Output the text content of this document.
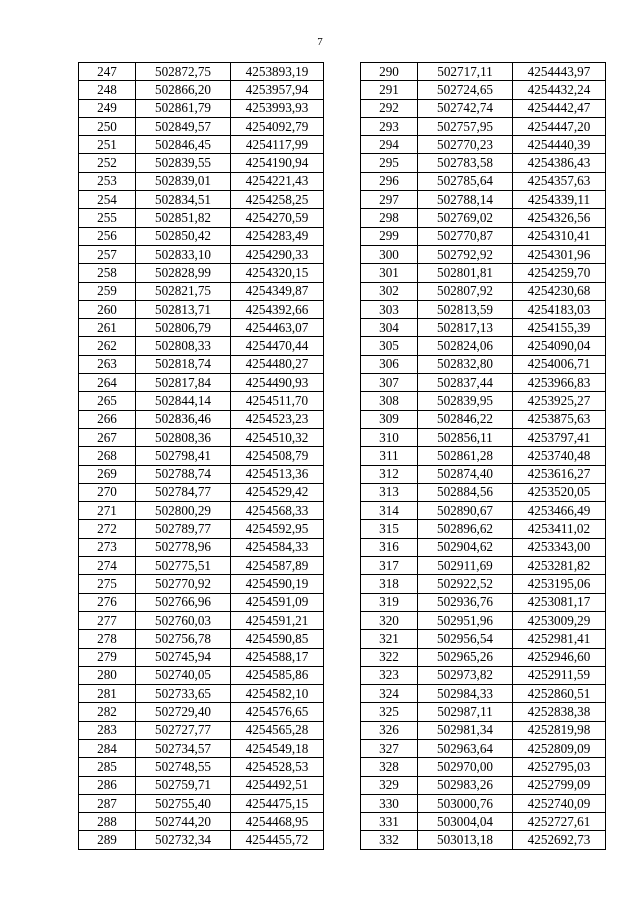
7
247	502872,75	4253893,19
248	502866,20	4253957,94
249	502861,79	4253993,93
250	502849,57	4254092,79
251	502846,45	4254117,99
252	502839,55	4254190,94
253	502839,01	4254221,43
254	502834,51	4254258,25
255	502851,82	4254270,59
256	502850,42	4254283,49
257	502833,10	4254290,33
258	502828,99	4254320,15
259	502821,75	4254349,87
260	502813,71	4254392,66
261	502806,79	4254463,07
262	502808,33	4254470,44
263	502818,74	4254480,27
264	502817,84	4254490,93
265	502844,14	4254511,70
266	502836,46	4254523,23
267	502808,36	4254510,32
268	502798,41	4254508,79
269	502788,74	4254513,36
270	502784,77	4254529,42
271	502800,29	4254568,33
272	502789,77	4254592,95
273	502778,96	4254584,33
274	502775,51	4254587,89
275	502770,92	4254590,19
276	502766,96	4254591,09
277	502760,03	4254591,21
278	502756,78	4254590,85
279	502745,94	4254588,17
280	502740,05	4254585,86
281	502733,65	4254582,10
282	502729,40	4254576,65
283	502727,77	4254565,28
284	502734,57	4254549,18
285	502748,55	4254528,53
286	502759,71	4254492,51
287	502755,40	4254475,15
288	502744,20	4254468,95
289	502732,34	4254455,72
290	502717,11	4254443,97
291	502724,65	4254432,24
292	502742,74	4254442,47
293	502757,95	4254447,20
294	502770,23	4254440,39
295	502783,58	4254386,43
296	502785,64	4254357,63
297	502788,14	4254339,11
298	502769,02	4254326,56
299	502770,87	4254310,41
300	502792,92	4254301,96
301	502801,81	4254259,70
302	502807,92	4254230,68
303	502813,59	4254183,03
304	502817,13	4254155,39
305	502824,06	4254090,04
306	502832,80	4254006,71
307	502837,44	4253966,83
308	502839,95	4253925,27
309	502846,22	4253875,63
310	502856,11	4253797,41
311	502861,28	4253740,48
312	502874,40	4253616,27
313	502884,56	4253520,05
314	502890,67	4253466,49
315	502896,62	4253411,02
316	502904,62	4253343,00
317	502911,69	4253281,82
318	502922,52	4253195,06
319	502936,76	4253081,17
320	502951,96	4253009,29
321	502956,54	4252981,41
322	502965,26	4252946,60
323	502973,82	4252911,59
324	502984,33	4252860,51
325	502987,11	4252838,38
326	502981,34	4252819,98
327	502963,64	4252809,09
328	502970,00	4252795,03
329	502983,26	4252799,09
330	503000,76	4252740,09
331	503004,04	4252727,61
332	503013,18	4252692,73
